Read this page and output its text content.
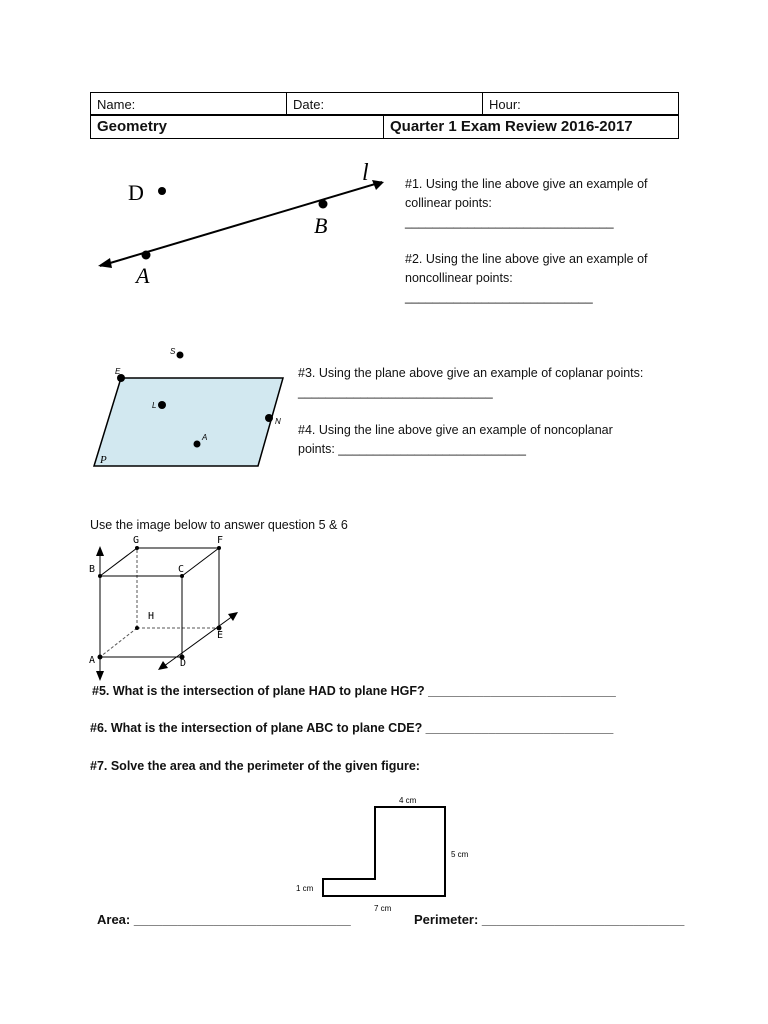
Name:	Date:	Hour:
Geometry	Quarter 1 Exam Review 2016-2017
D
A
B
l	#1. Using the line above give an example of collinear points:
______________________________
#2. Using the line above give an example of noncollinear points:
___________________________
S
E
L
A
N
P
#3. Using the plane above give an example of coplanar points:
____________________________
#4. Using the line above give an example of noncoplanar
points: ___________________________
Use the image below to answer question 5 & 6
G	F
B	C
H
E
A	D
#5. What is the intersection of plane HAD to plane HGF? ___________________________
#6. What is the intersection of plane ABC to plane CDE? ___________________________
#7. Solve the area and the perimeter of the given figure:
4 cm
5 cm
1 cm
7 cm
Area: ______________________________	Perimeter: ____________________________
